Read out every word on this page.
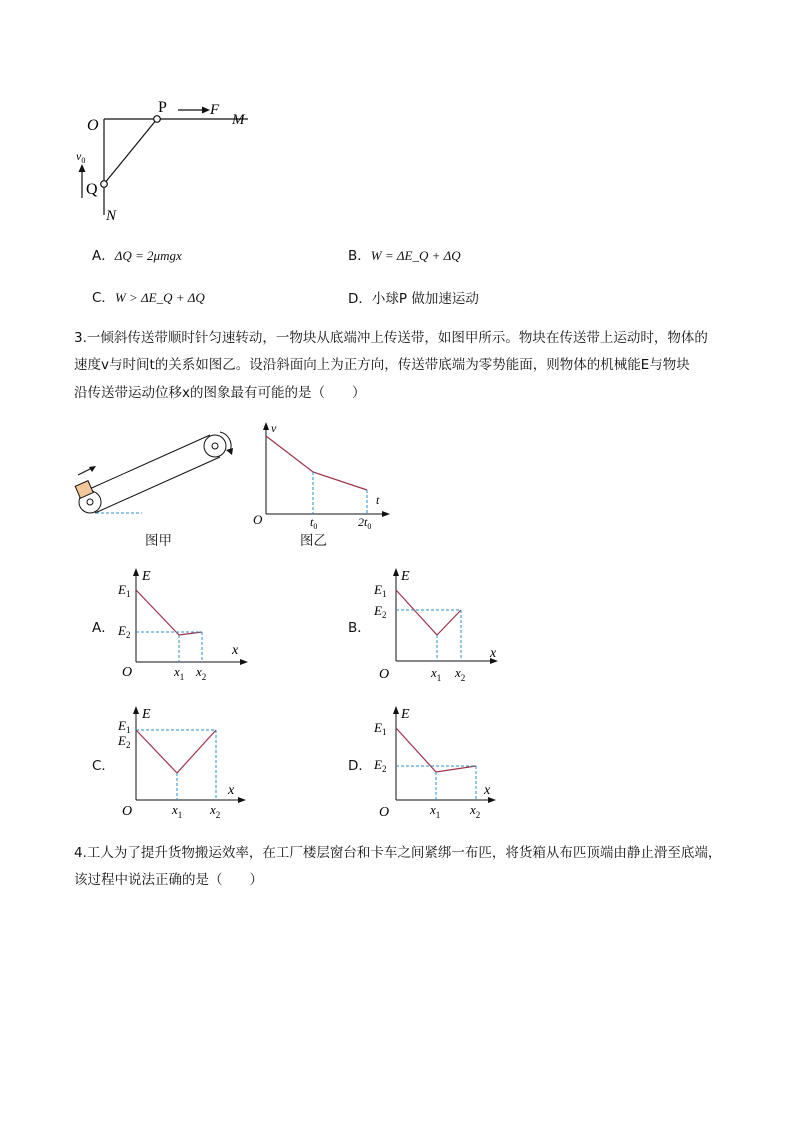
O
P	F
M
Q
N
$v_0$
A．ΔQ = 2μmgx	B．W = ΔE_Q + ΔQ
C．W > ΔE_Q + ΔQ	D．小球P 做加速运动
3.一倾斜传送带顺时针匀速转动，一物块从底端冲上传送带，如图甲所示。物块在传送带上运动时，物体的
速度v与时间t的关系如图乙。设沿斜面向上为正方向，传送带底端为零势能面，则物体的机械能E与物块
沿传送带运动位移x的图象最有可能的是（　　）
图甲
v
t
O	$t_0$	$2t_0$
图乙
A．
E
$E_1$
$E_2$
x
O	$x_1$ $x_2$
B．
E
$E_1$
$E_2$
x
O	$x_1$ $x_2$
C．
E
$E_1$
$E_2$
x
O	$x_1$ $x_2$
D．
E
$E_1$
$E_2$
x
O	$x_1$ $x_2$
4.工人为了提升货物搬运效率，在工厂楼层窗台和卡车之间紧绑一布匹，将货箱从布匹顶端由静止滑至底端，
该过程中说法正确的是（　　）
